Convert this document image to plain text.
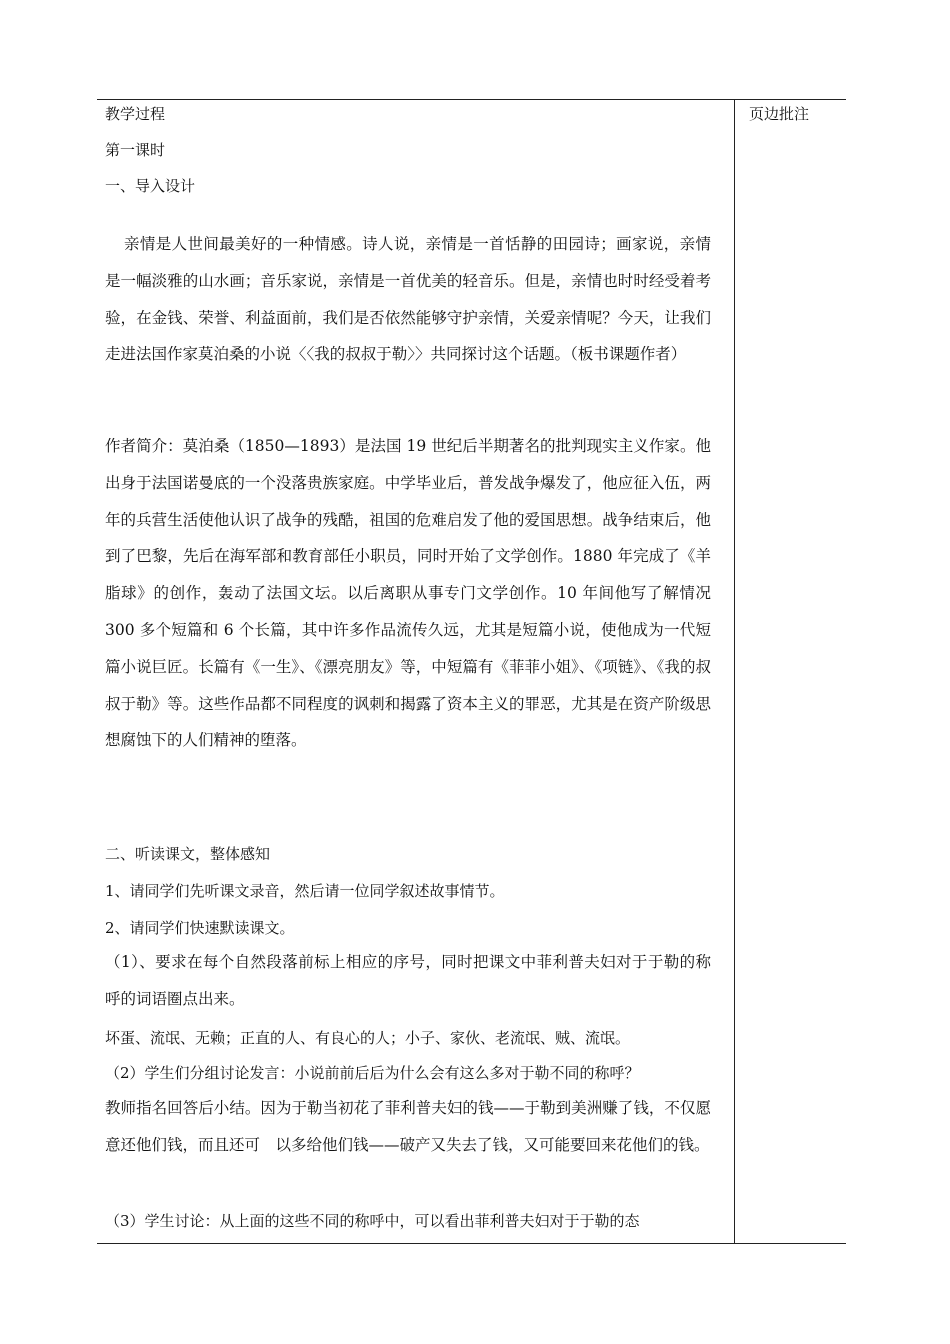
教学过程
第一课时
一、导入设计

亲情是人世间最美好的一种情感。诗人说，亲情是一首恬静的田园诗；画家说，亲情是一幅淡雅的山水画；音乐家说，亲情是一首优美的轻音乐。但是，亲情也时时经受着考验，在金钱、荣誉、利益面前，我们是否依然能够守护亲情，关爱亲情呢？今天，让我们走进法国作家莫泊桑的小说〈〈我的叔叔于勒〉〉共同探讨这个话题。（板书课题作者）

作者简介：莫泊桑（1850—1893）是法国 19 世纪后半期著名的批判现实主义作家。他出身于法国诺曼底的一个没落贵族家庭。中学毕业后，普发战争爆发了，他应征入伍，两年的兵营生活使他认识了战争的残酷，祖国的危难启发了他的爱国思想。战争结束后，他到了巴黎，先后在海军部和教育部任小职员，同时开始了文学创作。1880 年完成了《羊脂球》的创作，轰动了法国文坛。以后离职从事专门文学创作。10 年间他写了解情况 300 多个短篇和 6 个长篇，其中许多作品流传久远，尤其是短篇小说，使他成为一代短篇小说巨匠。长篇有《一生》、《漂亮朋友》等，中短篇有《菲菲小姐》、《项链》、《我的叔叔于勒》等。这些作品都不同程度的讽刺和揭露了资本主义的罪恶，尤其是在资产阶级思想腐蚀下的人们精神的堕落。

二、听读课文，整体感知
1、请同学们先听课文录音，然后请一位同学叙述故事情节。
2、请同学们快速默读课文。

（1）、要求在每个自然段落前标上相应的序号，同时把课文中菲利普夫妇对于于勒的称呼的词语圈点出来。

坏蛋、流氓、无赖；正直的人、有良心的人；小子、家伙、老流氓、贼、流氓。
（2）学生们分组讨论发言：小说前前后后为什么会有这么多对于勒不同的称呼？

教师指名回答后小结。因为于勒当初花了菲利普夫妇的钱——于勒到美洲赚了钱，不仅愿　意还他们钱，而且还可　以多给他们钱——破产又失去了钱，又可能要回来花他们的钱。

（3）学生讨论：从上面的这些不同的称呼中，可以看出菲利普夫妇对于于勒的态
页边批注
